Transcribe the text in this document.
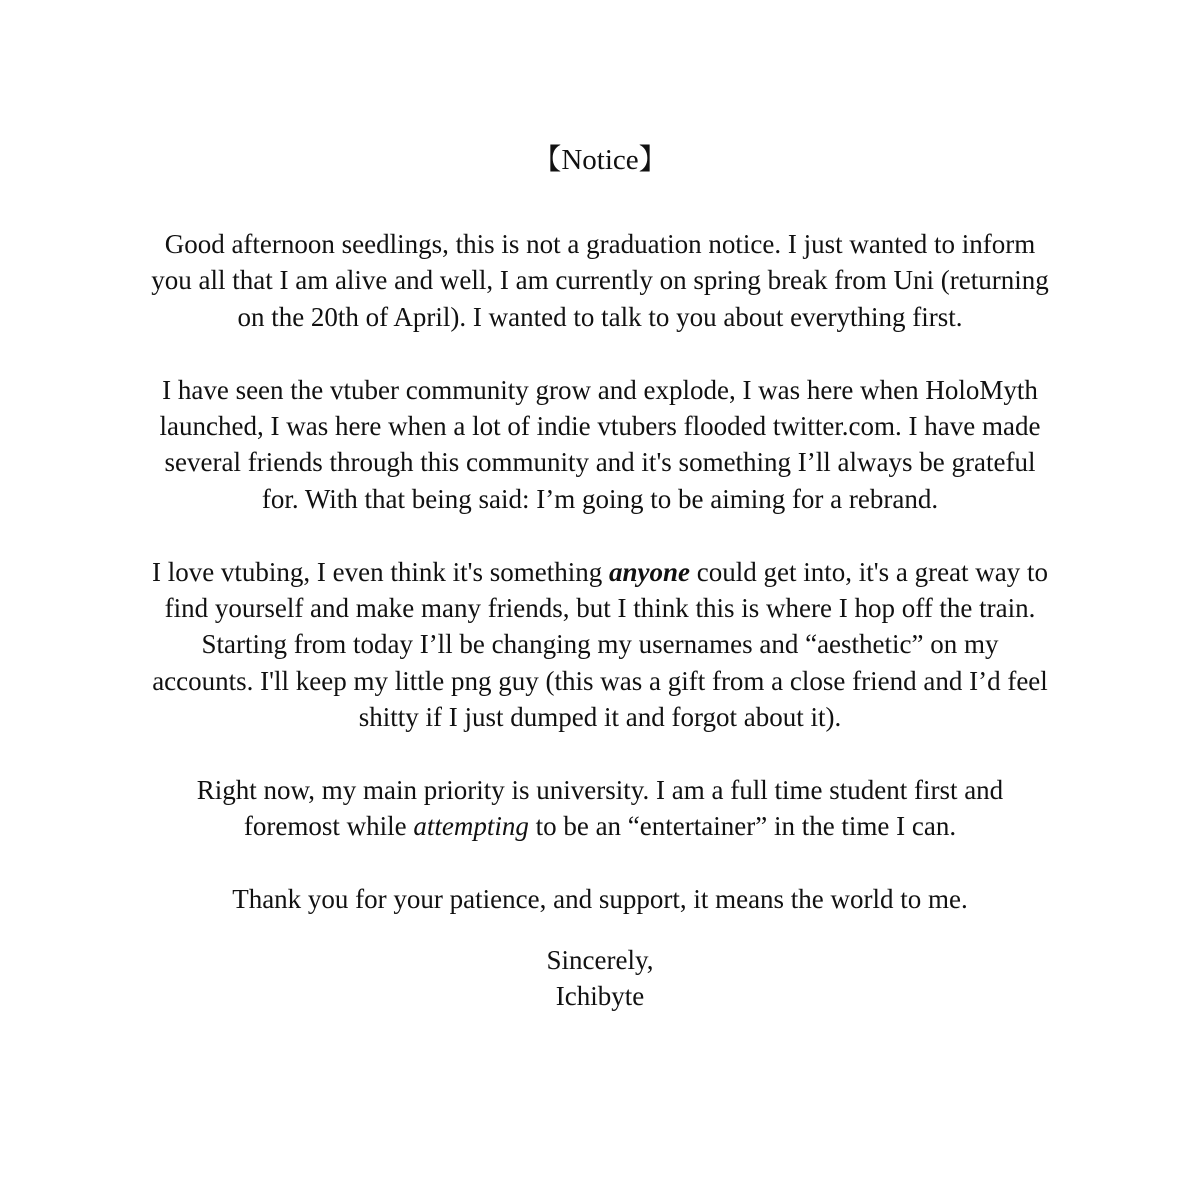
【Notice】
Good afternoon seedlings, this is not a graduation notice. I just wanted to inform
you all that I am alive and well, I am currently on spring break from Uni (returning
on the 20th of April). I wanted to talk to you about everything first.
I have seen the vtuber community grow and explode, I was here when HoloMyth
launched, I was here when a lot of indie vtubers flooded twitter.com. I have made
several friends through this community and it's something I’ll always be grateful
for. With that being said: I’m going to be aiming for a rebrand.
I love vtubing, I even think it's something anyone could get into, it's a great way to
find yourself and make many friends, but I think this is where I hop off the train.
Starting from today I’ll be changing my usernames and “aesthetic” on my
accounts. I'll keep my little png guy (this was a gift from a close friend and I’d feel
shitty if I just dumped it and forgot about it).
Right now, my main priority is university. I am a full time student first and
foremost while attempting to be an “entertainer” in the time I can.
Thank you for your patience, and support, it means the world to me.
Sincerely,
Ichibyte
